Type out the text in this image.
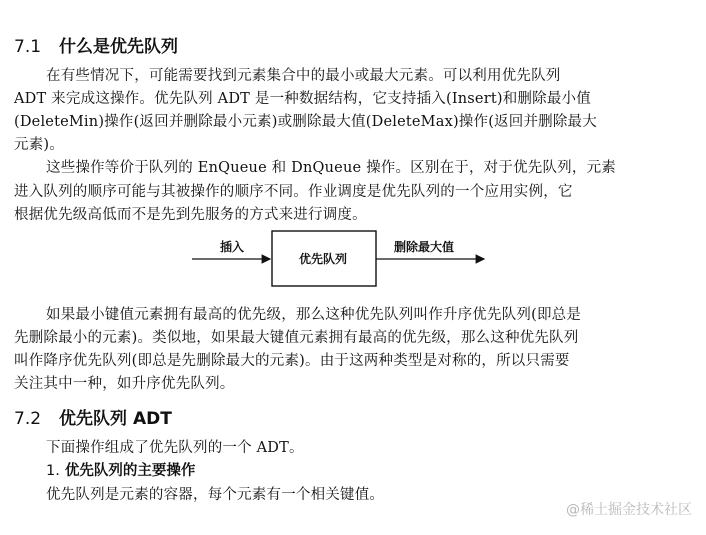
7.1 什么是优先队列
在有些情况下，可能需要找到元素集合中的最小或最大元素。可以利用优先队列
ADT 来完成这操作。优先队列 ADT 是一种数据结构，它支持插入(Insert)和删除最小值
(DeleteMin)操作(返回并删除最小元素)或删除最大值(DeleteMax)操作(返回并删除最大
元素)。
这些操作等价于队列的 EnQueue 和 DnQueue 操作。区别在于，对于优先队列，元素
进入队列的顺序可能与其被操作的顺序不同。作业调度是优先队列的一个应用实例，它
根据优先级高低而不是先到先服务的方式来进行调度。
插入
优先队列
删除最大值
如果最小键值元素拥有最高的优先级，那么这种优先队列叫作升序优先队列(即总是
先删除最小的元素)。类似地，如果最大键值元素拥有最高的优先级，那么这种优先队列
叫作降序优先队列(即总是先删除最大的元素)。由于这两种类型是对称的，所以只需要
关注其中一种，如升序优先队列。
7.2 优先队列 ADT
下面操作组成了优先队列的一个 ADT。
1. 优先队列的主要操作
优先队列是元素的容器，每个元素有一个相关键值。
@稀土掘金技术社区
